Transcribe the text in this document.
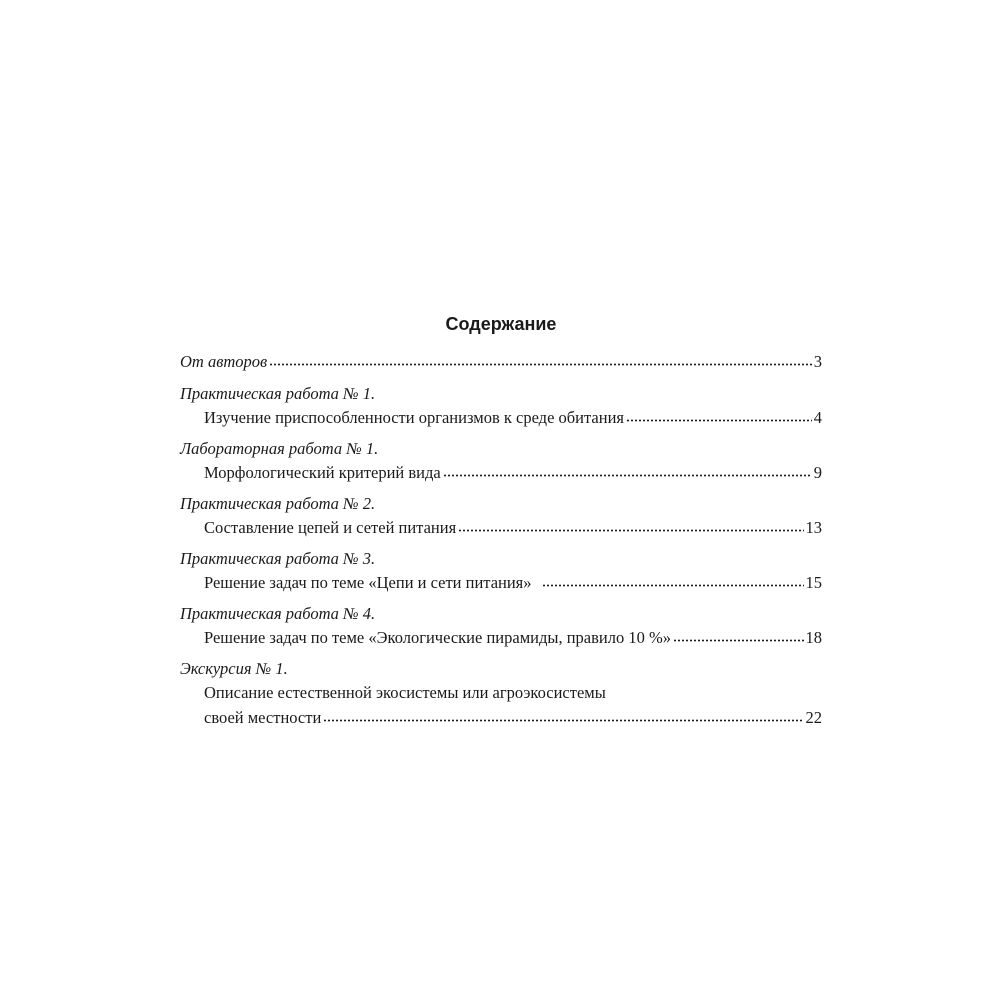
Содержание
От авторов	3
Практическая работа № 1.
Изучение приспособленности организмов к среде обитания	4
Лабораторная работа № 1.
Морфологический критерий вида	9
Практическая работа № 2.
Составление цепей и сетей питания	13
Практическая работа № 3.
Решение задач по теме «Цепи и сети питания»	15
Практическая работа № 4.
Решение задач по теме «Экологические пирамиды, правило 10 %»	18
Экскурсия № 1.
Описание естественной экосистемы или агроэкосистемы
своей местности	22
